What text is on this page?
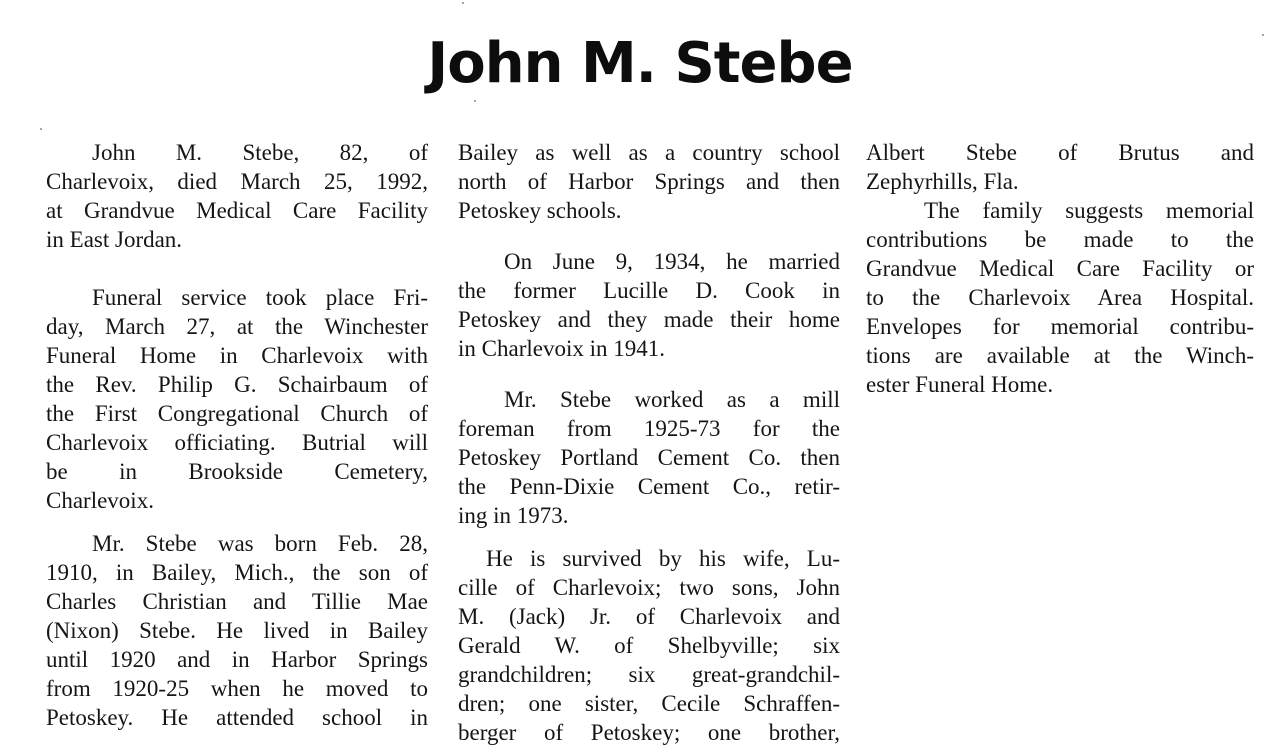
John M. Stebe

John M. Stebe, 82, of

Charlevoix, died March 25, 1992,

at Grandvue Medical Care Facility

in East Jordan.

Funeral service took place Fri-

day, March 27, at the Winchester

Funeral Home in Charlevoix with

the Rev. Philip G. Schairbaum of

the First Congregational Church of

Charlevoix officiating. Butrial will

be in Brookside Cemetery,

Charlevoix.

Mr. Stebe was born Feb. 28,

1910, in Bailey, Mich., the son of

Charles Christian and Tillie Mae

(Nixon) Stebe. He lived in Bailey

until 1920 and in Harbor Springs

from 1920-25 when he moved to

Petoskey. He attended school in

Bailey as well as a country school

north of Harbor Springs and then

Petoskey schools.

On June 9, 1934, he married

the former Lucille D. Cook in

Petoskey and they made their home

in Charlevoix in 1941.

Mr. Stebe worked as a mill

foreman from 1925-73 for the

Petoskey Portland Cement Co. then

the Penn-Dixie Cement Co., retir-

ing in 1973.

He is survived by his wife, Lu-

cille of Charlevoix; two sons, John

M. (Jack) Jr. of Charlevoix and

Gerald W. of Shelbyville; six

grandchildren; six great-grandchil-

dren; one sister, Cecile Schraffen-

berger of Petoskey; one brother,

Albert Stebe of Brutus and

Zephyrhills, Fla.

The family suggests memorial

contributions be made to the

Grandvue Medical Care Facility or

to the Charlevoix Area Hospital.

Envelopes for memorial contribu-

tions are available at the Winch-

ester Funeral Home.
